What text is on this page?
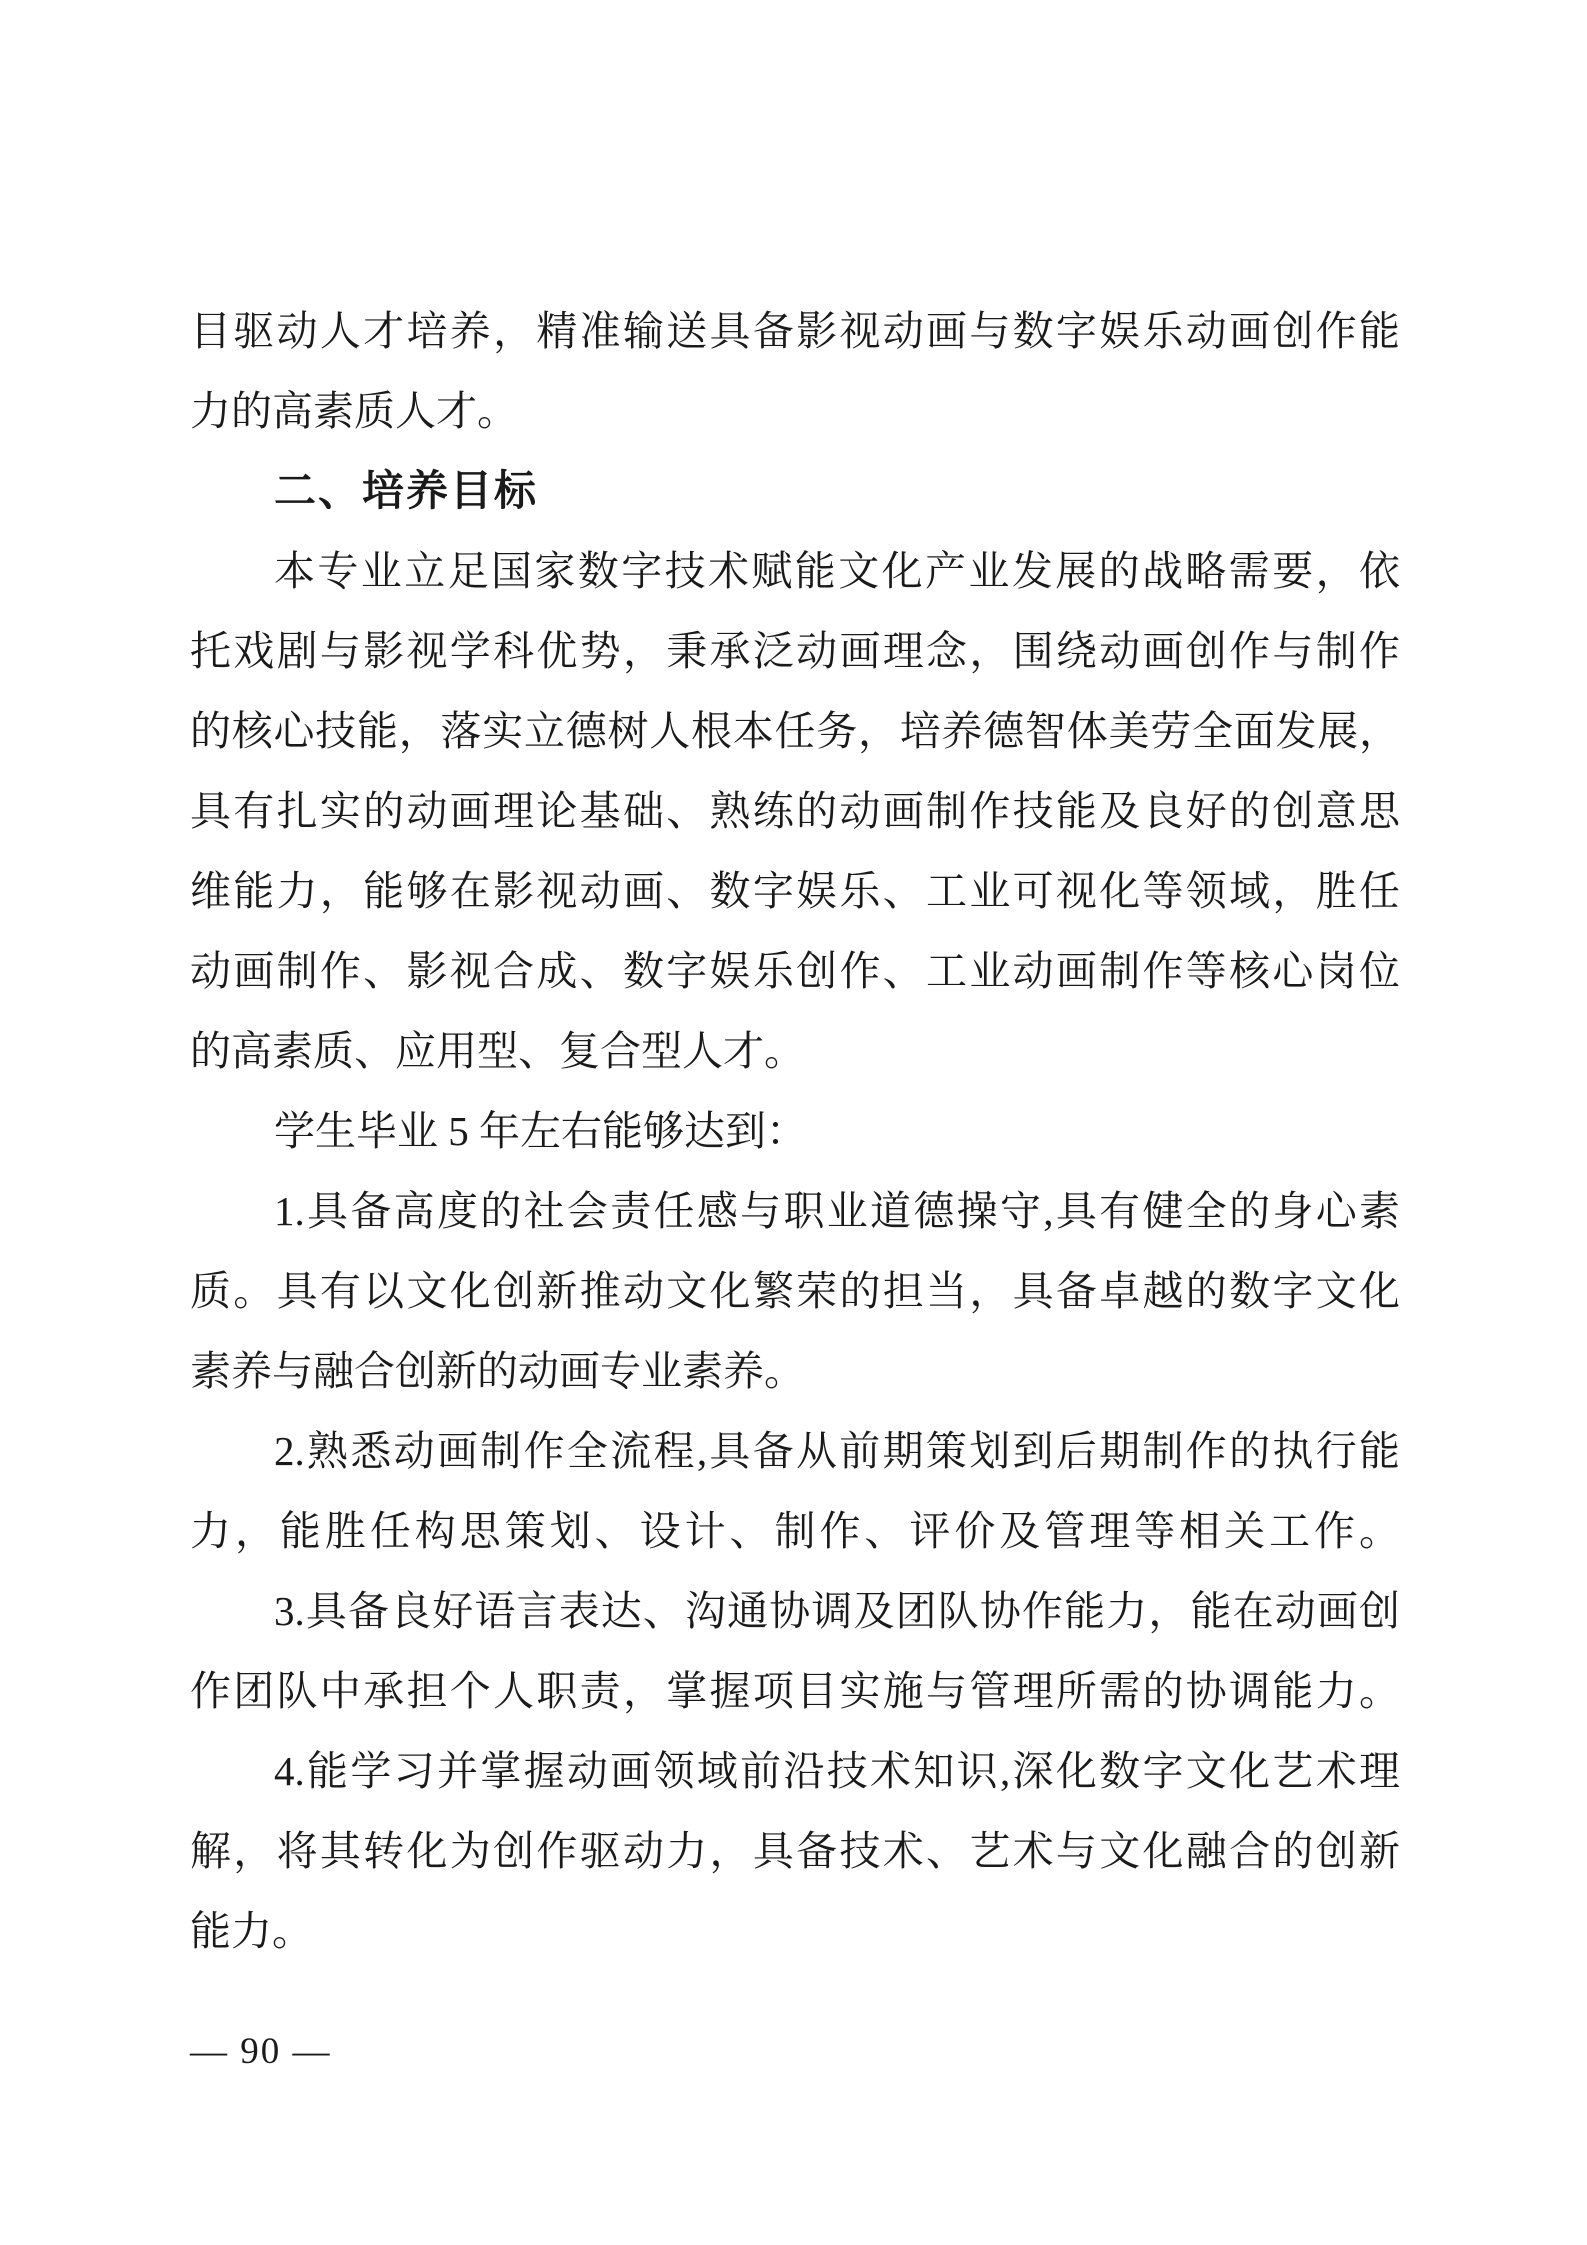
目驱动人才培养，精准输送具备影视动画与数字娱乐动画创作能
力的高素质人才。
二、培养目标
本专业立足国家数字技术赋能文化产业发展的战略需要，依
托戏剧与影视学科优势，秉承泛动画理念，围绕动画创作与制作
的核心技能，落实立德树人根本任务，培养德智体美劳全面发展，
具有扎实的动画理论基础、熟练的动画制作技能及良好的创意思
维能力，能够在影视动画、数字娱乐、工业可视化等领域，胜任
动画制作、影视合成、数字娱乐创作、工业动画制作等核心岗位
的高素质、应用型、复合型人才。
学生毕业 5 年左右能够达到：
1.具备高度的社会责任感与职业道德操守,具有健全的身心素
质。具有以文化创新推动文化繁荣的担当，具备卓越的数字文化
素养与融合创新的动画专业素养。
2.熟悉动画制作全流程,具备从前期策划到后期制作的执行能
力，能胜任构思策划、设计、制作、评价及管理等相关工作。
3.具备良好语言表达、沟通协调及团队协作能力，能在动画创
作团队中承担个人职责，掌握项目实施与管理所需的协调能力。
4.能学习并掌握动画领域前沿技术知识,深化数字文化艺术理
解，将其转化为创作驱动力，具备技术、艺术与文化融合的创新
能力。
— 90 —
